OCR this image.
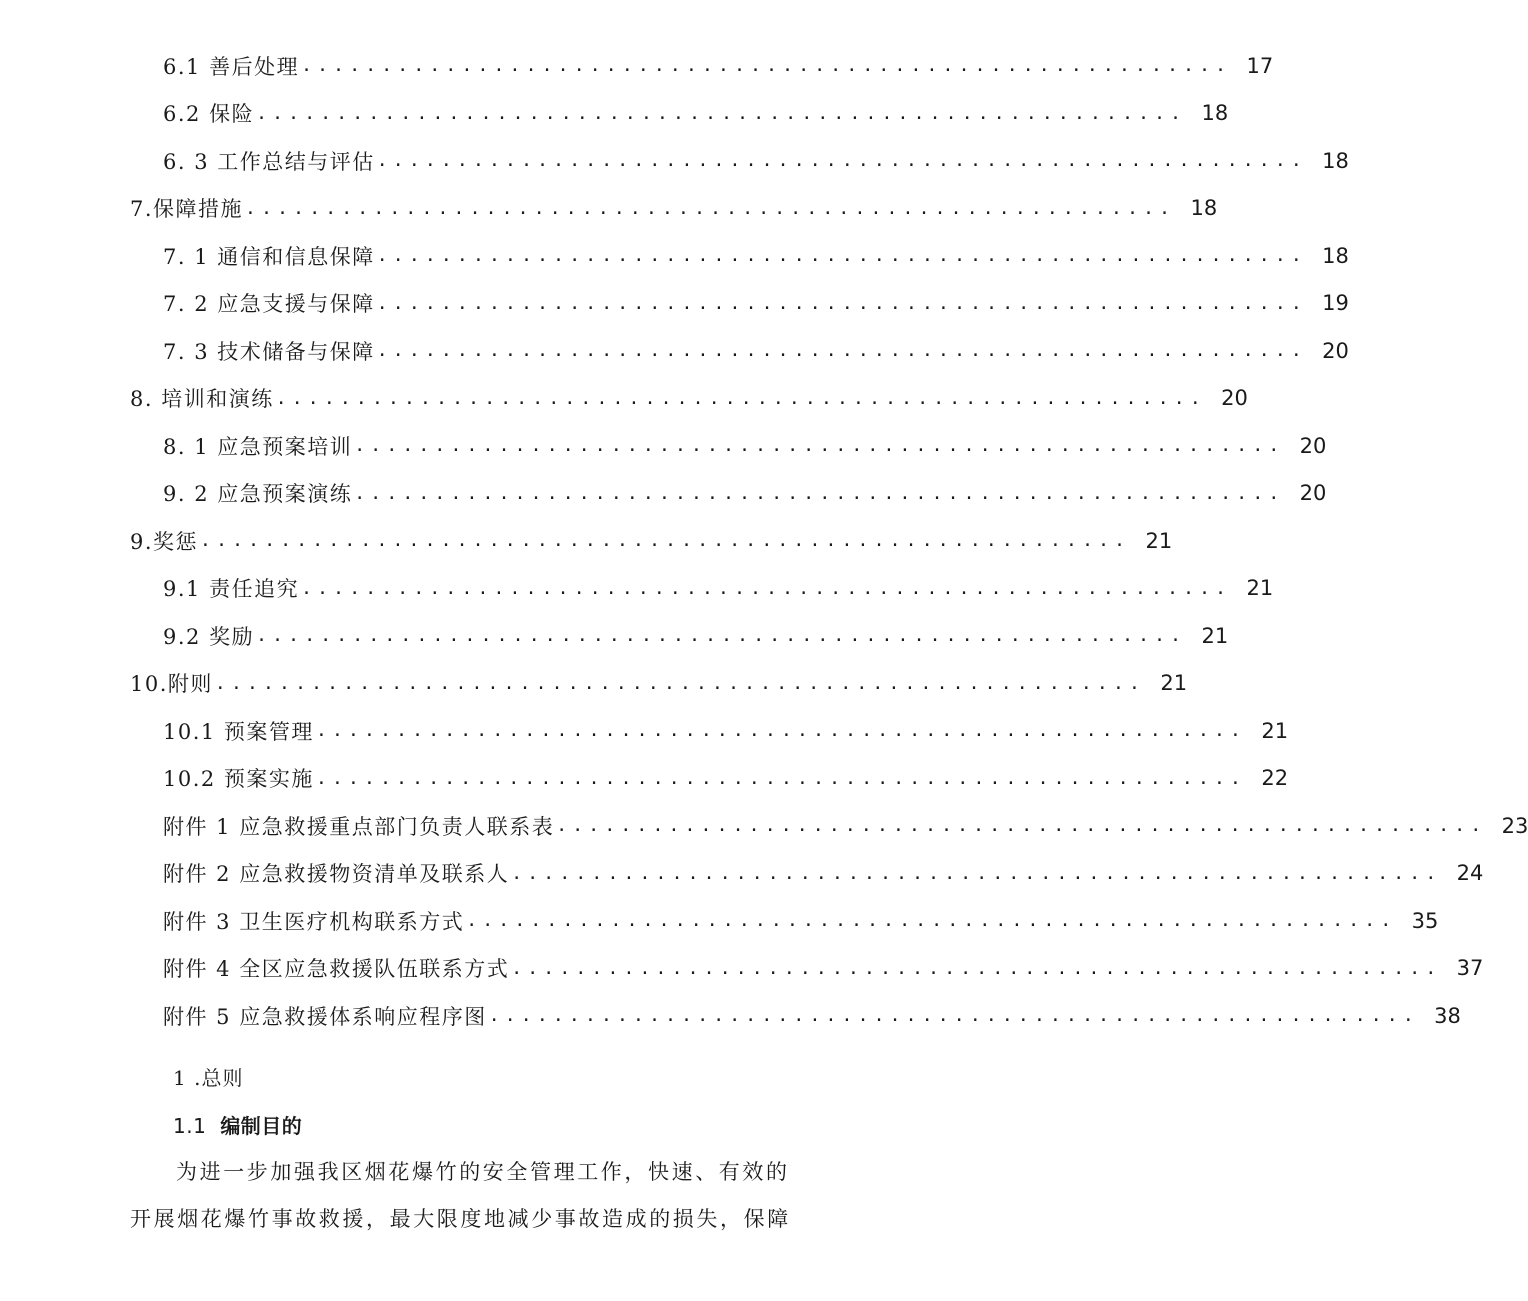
6.1 善后处理 .......................................................... 17
6.2 保险 .......................................................... 18
6. 3 工作总结与评估 .......................................................... 18
7.保障措施 .......................................................... 18
7. 1 通信和信息保障 .......................................................... 18
7. 2 应急支援与保障 .......................................................... 19
7. 3 技术储备与保障 .......................................................... 20
8. 培训和演练 .......................................................... 20
8. 1 应急预案培训 .......................................................... 20
9. 2 应急预案演练 .......................................................... 20
9.奖惩 .......................................................... 21
9.1 责任追究 .......................................................... 21
9.2 奖励 .......................................................... 21
10.附则 .......................................................... 21
10.1 预案管理 .......................................................... 21
10.2 预案实施 .......................................................... 22
附件 1 应急救援重点部门负责人联系表 .......................................................... 23
附件 2 应急救援物资清单及联系人 .......................................................... 24
附件 3 卫生医疗机构联系方式 .......................................................... 35
附件 4 全区应急救援队伍联系方式 .......................................................... 37
附件 5 应急救援体系响应程序图 .......................................................... 38
1 .总则
1.1 编制目的
为进一步加强我区烟花爆竹的安全管理工作，快速、有效的
开展烟花爆竹事故救援，最大限度地减少事故造成的损失，保障
